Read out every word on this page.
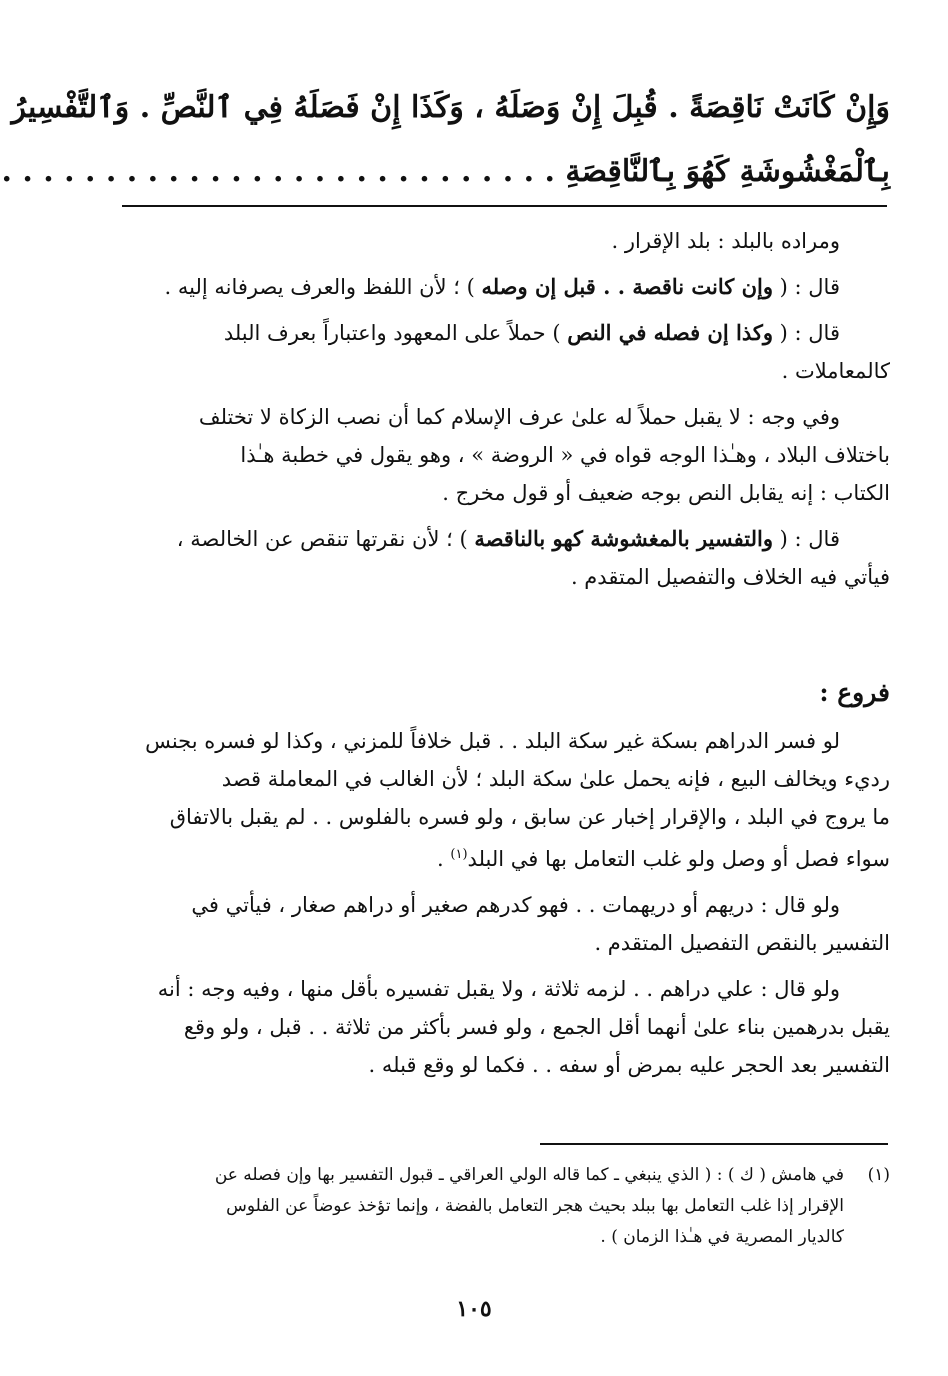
وَإِنْ كَانَتْ نَاقِصَةً . قُبِلَ إِنْ وَصَلَهُ ، وَكَذَا إِنْ فَصَلَهُ فِي ٱلنَّصِّ . وَٱلتَّفْسِيرُ
بِٱلْمَغْشُوشَةِ كَهُوَ بِٱلنَّاقِصَةِ . . . . . . . . . . . . . . . . . . . . . . . . . . .
ومراده بالبلد : بلد الإقرار .
قال : ( وإن كانت ناقصة . . قبل إن وصله ) ؛ لأن اللفظ والعرف يصرفانه إليه .
قال : ( وكذا إن فصله في النص ) حملاً على المعهود واعتباراً بعرف البلد
كالمعاملات .
وفي وجه : لا يقبل حملاً له علىٰ عرف الإسلام كما أن نصب الزكاة لا تختلف
باختلاف البلاد ، وهـٰذا الوجه قواه في « الروضة » ، وهو يقول في خطبة هـٰذا
الكتاب : إنه يقابل النص بوجه ضعيف أو قول مخرج .
قال : ( والتفسير بالمغشوشة كهو بالناقصة ) ؛ لأن نقرتها تنقص عن الخالصة ،
فيأتي فيه الخلاف والتفصيل المتقدم .
فروع :
لو فسر الدراهم بسكة غير سكة البلد . . قبل خلافاً للمزني ، وكذا لو فسره بجنس
رديء ويخالف البيع ، فإنه يحمل علىٰ سكة البلد ؛ لأن الغالب في المعاملة قصد
ما يروج في البلد ، والإقرار إخبار عن سابق ، ولو فسره بالفلوس . . لم يقبل بالاتفاق
سواء فصل أو وصل ولو غلب التعامل بها في البلد$^{(١)}$ .
ولو قال : دريهم أو دريهمات . . فهو كدرهم صغير أو دراهم صغار ، فيأتي في
التفسير بالنقص التفصيل المتقدم .
ولو قال : علي دراهم . . لزمه ثلاثة ، ولا يقبل تفسيره بأقل منها ، وفيه وجه : أنه
يقبل بدرهمين بناء علىٰ أنهما أقل الجمع ، ولو فسر بأكثر من ثلاثة . . قبل ، ولو وقع
التفسير بعد الحجر عليه بمرض أو سفه . . فكما لو وقع قبله .
(١)
في هامش ( ك ) : ( الذي ينبغي ـ كما قاله الولي العراقي ـ قبول التفسير بها وإن فصله عن
الإقرار إذا غلب التعامل بها ببلد بحيث هجر التعامل بالفضة ، وإنما تؤخذ عوضاً عن الفلوس
كالديار المصرية في هـٰذا الزمان ) .
١٠٥
